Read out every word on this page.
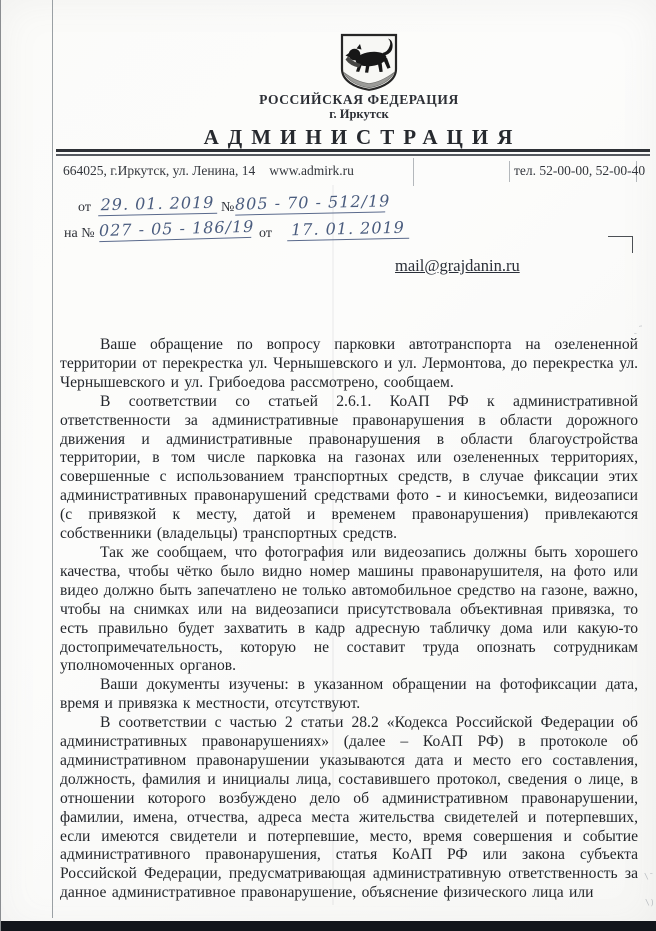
ˍ˝
\ˉ
\)
РОССИЙСКАЯ ФЕДЕРАЦИЯ
г. Иркутск
АДМИНИСТРАЦИЯ
664025, г.Иркутск, ул. Ленина, 14 www.admirk.ru	тел. 52-00-00, 52-00-40
от 29. 01. 2019 № 805 - 70 - 512/19
на № 027 - 05 - 186/19 от 17. 01. 2019
mail@grajdanin.ru

Ваше обращение по вопросу парковки автотранспорта на озелененной территории от перекрестка ул. Чернышевского и ул. Лермонтова, до перекрестка ул. Чернышевского и ул. Грибоедова рассмотрено, сообщаем.

В соответствии со статьей 2.6.1. КоАП РФ к административной ответственности за административные правонарушения в области дорожного движения и административные правонарушения в области благоустройства территории, в том числе парковка на газонах или озелененных территориях, совершенные с использованием транспортных средств, в случае фиксации этих административных правонарушений средствами фото - и киносъемки, видеозаписи (с привязкой к месту, датой и временем правонарушения) привлекаются собственники (владельцы) транспортных средств.

Так же сообщаем, что фотография или видеозапись должны быть хорошего качества, чтобы чётко было видно номер машины правонарушителя, на фото или видео должно быть запечатлено не только автомобильное средство на газоне, важно, чтобы на снимках или на видеозаписи присутствовала объективная привязка, то есть правильно будет захватить в кадр адресную табличку дома или какую-то достопримечательность, которую не составит труда опознать сотрудникам уполномоченных органов.

Ваши документы изучены: в указанном обращении на фотофиксации дата, время и привязка к местности, отсутствуют.

В соответствии с частью 2 статьи 28.2 «Кодекса Российской Федерации об административных правонарушениях» (далее – КоАП РФ) в протоколе об административном правонарушении указываются дата и место его составления, должность, фамилия и инициалы лица, составившего протокол, сведения о лице, в отношении которого возбуждено дело об административном правонарушении, фамилии, имена, отчества, адреса места жительства свидетелей и потерпевших, если имеются свидетели и потерпевшие, место, время совершения и событие административного правонарушения, статья КоАП РФ или закона субъекта Российской Федерации, предусматривающая административную ответственность за данное административное правонарушение, объяснение физического лица или
